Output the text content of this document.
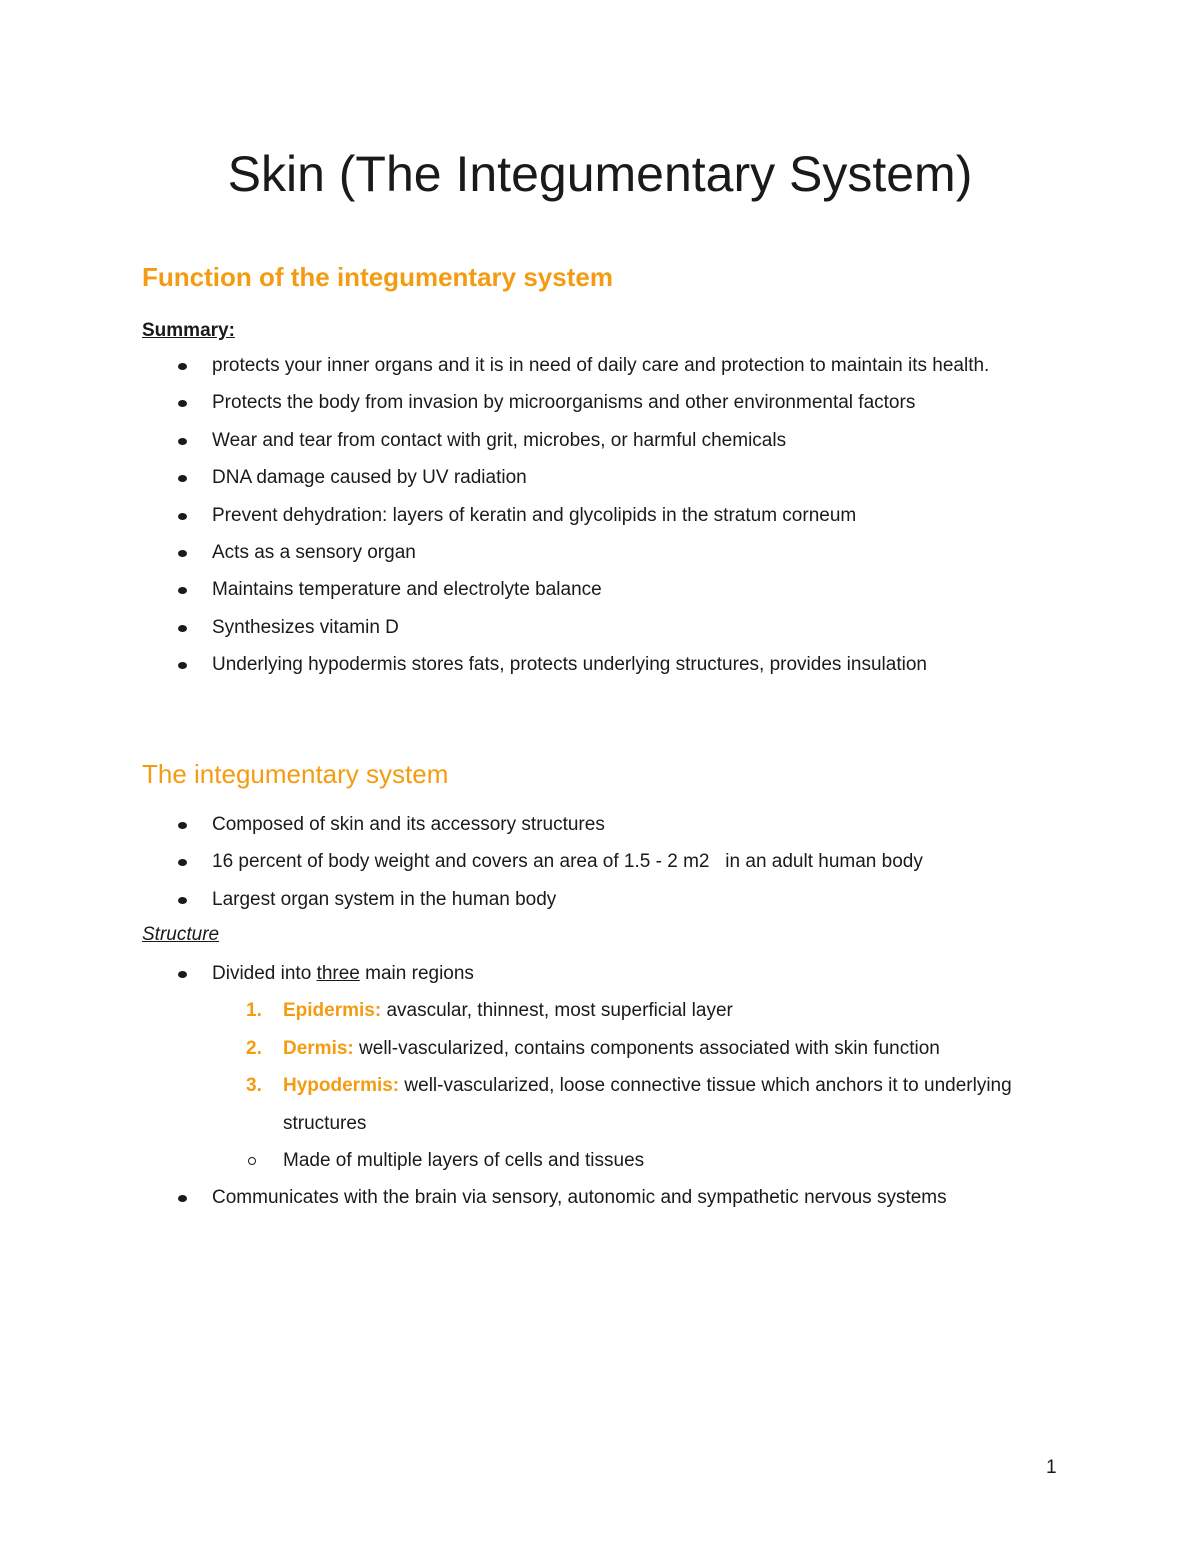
Skin (The Integumentary System)
Function of the integumentary system
Summary:
protects your inner organs and it is in need of daily care and protection to maintain its health.
Protects the body from invasion by microorganisms and other environmental factors
Wear and tear from contact with grit, microbes, or harmful chemicals
DNA damage caused by UV radiation
Prevent dehydration: layers of keratin and glycolipids in the stratum corneum
Acts as a sensory organ
Maintains temperature and electrolyte balance
Synthesizes vitamin D
Underlying hypodermis stores fats, protects underlying structures, provides insulation
The integumentary system
Composed of skin and its accessory structures
16 percent of body weight and covers an area of 1.5 - 2 m2   in an adult human body
Largest organ system in the human body
Structure
Divided into three main regions
1. Epidermis: avascular, thinnest, most superficial layer
2. Dermis: well-vascularized, contains components associated with skin function
3. Hypodermis: well-vascularized, loose connective tissue which anchors it to underlying structures
Made of multiple layers of cells and tissues
Communicates with the brain via sensory, autonomic and sympathetic nervous systems
1
